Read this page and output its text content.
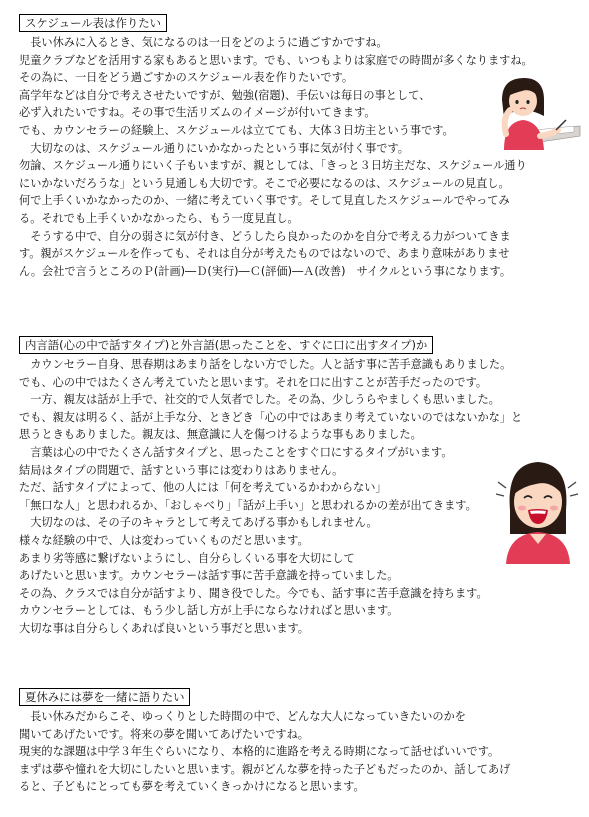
スケジュール表は作りたい
　長い休みに入るとき、気になるのは一日をどのように過ごすかですね。
児童クラブなどを活用する家もあると思います。でも、いつもよりは家庭での時間が多くなりますね。
その為に、一日をどう過ごすかのスケジュール表を作りたいです。
高学年などは自分で考えさせたいですが、勉強(宿題)、手伝いは毎日の事として、
必ず入れたいですね。その事で生活リズムのイメージが付いてきます。
でも、カウンセラーの経験上、スケジュールは立てても、大体３日坊主という事です。
　大切なのは、スケジュール通りにいかなかったという事に気が付く事です。
勿論、スケジュール通りにいく子もいますが、親としては、「きっと３日坊主だな、スケジュール通り
にいかないだろうな」という見通しも大切です。そこで必要になるのは、スケジュールの見直し。
何で上手くいかなかったのか、一緒に考えていく事です。そして見直したスケジュールでやってみ
る。それでも上手くいかなかったら、もう一度見直し。
　そうする中で、自分の弱さに気が付き、どうしたら良かったのかを自分で考える力がついてきま
す。親がスケジュールを作っても、それは自分が考えたものではないので、あまり意味がありませ
ん。会社で言うところのＰ(計画)―Ｄ(実行)―Ｃ(評価)―Ａ(改善)　サイクルという事になります。
内言語(心の中で話すタイプ)と外言語(思ったことを、すぐに口に出すタイプ)か
　カウンセラー自身、思春期はあまり話をしない方でした。人と話す事に苦手意識もありました。
でも、心の中ではたくさん考えていたと思います。それを口に出すことが苦手だったのです。
　一方、親友は話が上手で、社交的で人気者でした。その為、少しうらやましくも思いました。
でも、親友は明るく、話が上手な分、ときどき「心の中ではあまり考えていないのではないかな」と
思うときもありました。親友は、無意識に人を傷つけるような事もありました。
　言葉は心の中でたくさん話すタイプと、思ったことをすぐ口にするタイプがいます。
結局はタイプの問題で、話すという事には変わりはありません。
ただ、話すタイプによって、他の人には「何を考えているかわからない」
「無口な人」と思われるか、「おしゃべり」「話が上手い」と思われるかの差が出てきます。
　大切なのは、その子のキャラとして考えてあげる事かもしれません。
様々な経験の中で、人は変わっていくものだと思います。
あまり劣等感に繋げないようにし、自分らしくいる事を大切にして
あげたいと思います。カウンセラーは話す事に苦手意識を持っていました。
その為、クラスでは自分が話すより、聞き役でした。今でも、話す事に苦手意識を持ちます。
カウンセラーとしては、もう少し話し方が上手にならなければと思います。
大切な事は自分らしくあれば良いという事だと思います。
夏休みには夢を一緒に語りたい
　長い休みだからこそ、ゆっくりとした時間の中で、どんな大人になっていきたいのかを
聞いてあげたいです。将来の夢を聞いてあげたいですね。
現実的な課題は中学３年生ぐらいになり、本格的に進路を考える時期になって話せばいいです。
まずは夢や憧れを大切にしたいと思います。親がどんな夢を持った子どもだったのか、話してあげ
ると、子どもにとっても夢を考えていくきっかけになると思います。
